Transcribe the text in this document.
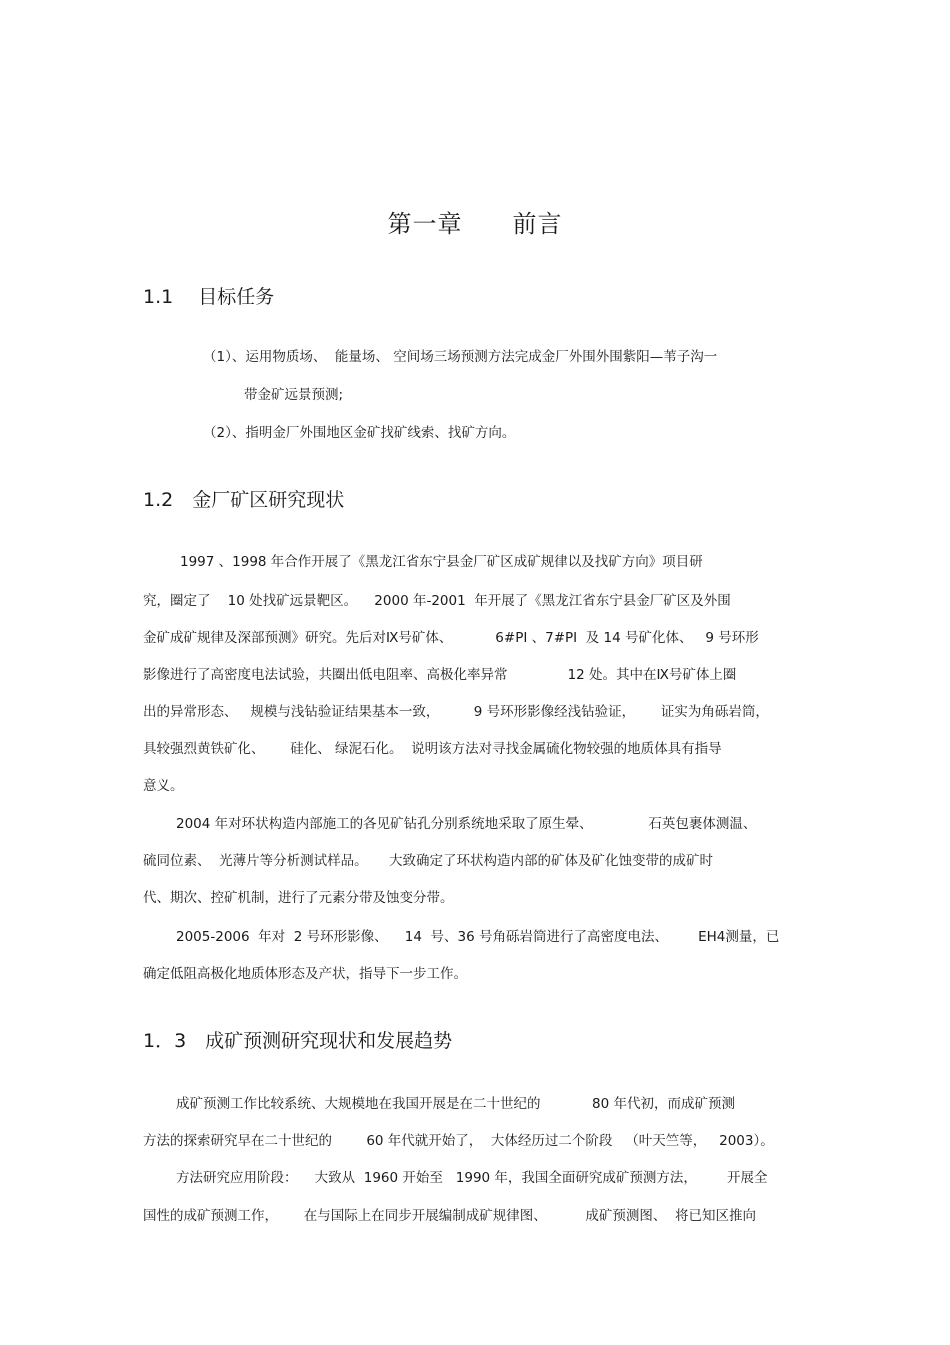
第一章　　前言
1.1　 目标任务
（1）、运用物质场、  能量场、 空间场三场预测方法完成金厂外围外围紫阳—苇子沟一
带金矿远景预测;
（2）、指明金厂外围地区金矿找矿线索、找矿方向。
1.2　金厂矿区研究现状
1997 、1998 年合作开展了《黑龙江省东宁县金厂矿区成矿规律以及找矿方向》项目研
究，圈定了    10 处找矿远景靶区。    2000 年-2001  年开展了《黑龙江省东宁县金厂矿区及外围
金矿成矿规律及深部预测》研究。先后对Ⅸ号矿体、          6#PI 、7#PI  及 14 号矿化体、   9 号环形
影像进行了高密度电法试验，共圈出低电阻率、高极化率异常              12 处。其中在Ⅸ号矿体上圈
出的异常形态、   规模与浅钻验证结果基本一致，        9 号环形影像经浅钻验证，      证实为角砾岩筒，
具较强烈黄铁矿化、      硅化、 绿泥石化。  说明该方法对寻找金属硫化物较强的地质体具有指导
意义。
2004 年对环状构造内部施工的各见矿钻孔分别系统地采取了原生晕、             石英包裹体测温、
硫同位素、  光薄片等分析测试样品。     大致确定了环状构造内部的矿体及矿化蚀变带的成矿时
代、期次、控矿机制，进行了元素分带及蚀变分带。
2005-2006  年对  2 号环形影像、    14  号、36 号角砾岩筒进行了高密度电法、       EH4测量，已
确定低阻高极化地质体形态及产状，指导下一步工作。
1．3　成矿预测研究现状和发展趋势
成矿预测工作比较系统、大规模地在我国开展是在二十世纪的            80 年代初，而成矿预测
方法的探索研究早在二十世纪的        60 年代就开始了，  大体经历过二个阶段   （叶天竺等，   2003）。
方法研究应用阶段：    大致从  1960 开始至   1990 年，我国全面研究成矿预测方法，       开展全
国性的成矿预测工作，      在与国际上在同步开展编制成矿规律图、         成矿预测图、  将已知区推向
